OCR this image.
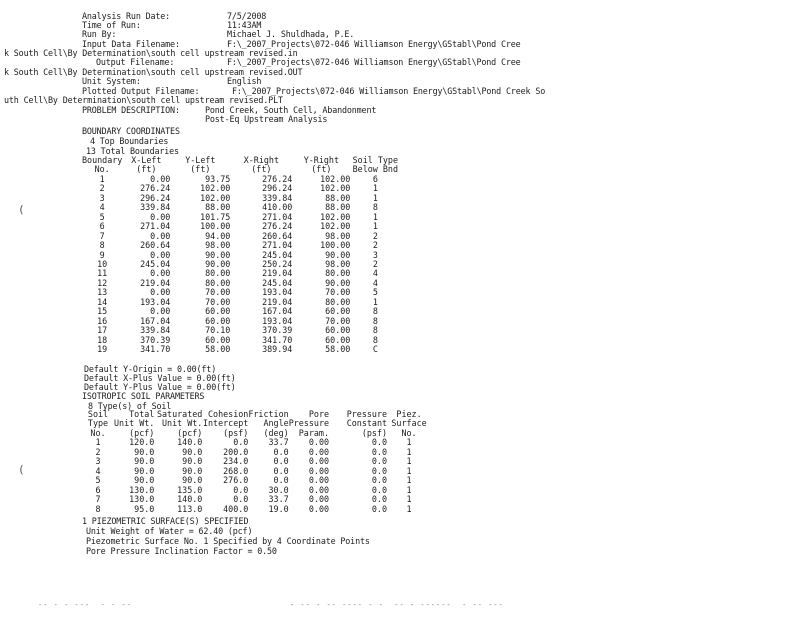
Analysis Run Date:	7/5/2008
Time of Run:	11:43AM
Run By:	Michael J. Shuldhada, P.E.
Input Data Filename:	F:\_2007_Projects\072-046 Williamson Energy\GStabl\Pond Cree
k South Cell\By Determination\south cell upstream revised.in
Output Filename:	F:\_2007_Projects\072-046 Williamson Energy\GStabl\Pond Cree
k South Cell\By Determination\south cell upstream revised.OUT
Unit System:	English
Plotted Output Filename:	F:\_2007_Projects\072-046 Williamson Energy\GStabl\Pond Creek So
uth Cell\By Determination\south cell upstream revised.PLT
PROBLEM DESCRIPTION:	Pond Creek, South Cell, Abandonment
Post-Eq Upstream Analysis
BOUNDARY COORDINATES
4 Top Boundaries
13 Total Boundaries
Boundary	X-Left	Y-Left	X-Right	Y-Right	Soil Type
No.	(ft)	(ft)	(ft)	(ft)	Below Bnd
1	0.00	93.75	276.24	102.00	6
2	276.24	102.00	296.24	102.00	1
3	296.24	102.00	339.84	88.00	1
4	339.84	88.00	410.00	88.00	8
5	0.00	101.75	271.04	102.00	1
6	271.04	100.00	276.24	102.00	1
7	0.00	94.00	260.64	98.00	2
8	260.64	98.00	271.04	100.00	2
9	0.00	90.00	245.04	90.00	3
10	245.04	90.00	250.24	98.00	2
11	0.00	80.00	219.04	80.00	4
12	219.04	80.00	245.04	90.00	4
13	0.00	70.00	193.04	70.00	5
14	193.04	70.00	219.04	80.00	1
15	0.00	60.00	167.04	60.00	8
16	167.04	60.00	193.04	70.00	8
17	339.84	70.10	370.39	60.00	8
18	370.39	60.00	341.70	60.00	8
19	341.70	58.00	389.94	58.00	C
Default Y-Origin = 0.00(ft)
Default X-Plus Value = 0.00(ft)
Default Y-Plus Value = 0.00(ft)
ISOTROPIC SOIL PARAMETERS
8 Type(s) of Soil
Soil	Total	Saturated	Cohesion	Friction	Pore	Pressure	Piez.
Type	Unit Wt.	Unit Wt.	Intercept	Angle	Pressure	Constant	Surface
No.	(pcf)	(pcf)	(psf)	(deg)	Param.	(psf)	No.
1	120.0	140.0	0.0	33.7	0.00	0.0	1
2	90.0	90.0	200.0	0.0	0.00	0.0	1
3	90.0	90.0	234.0	0.0	0.00	0.0	1
4	90.0	90.0	268.0	0.0	0.00	0.0	1
5	90.0	90.0	276.0	0.0	0.00	0.0	1
6	130.0	135.0	0.0	30.0	0.00	0.0	1
7	130.0	140.0	0.0	33.7	0.00	0.0	1
8	95.0	113.0	400.0	19.0	0.00	0.0	1
1 PIEZOMETRIC SURFACE(S) SPECIFIED
Unit Weight of Water = 62.40 (pcf)
Piezometric Surface No. 1 Specified by 4 Coordinate Points
Pore Pressure Inclination Factor = 0.50
(
(
-- - - ---  - - --	- -- - -- ---- - -  -- - ------  - -- ---
